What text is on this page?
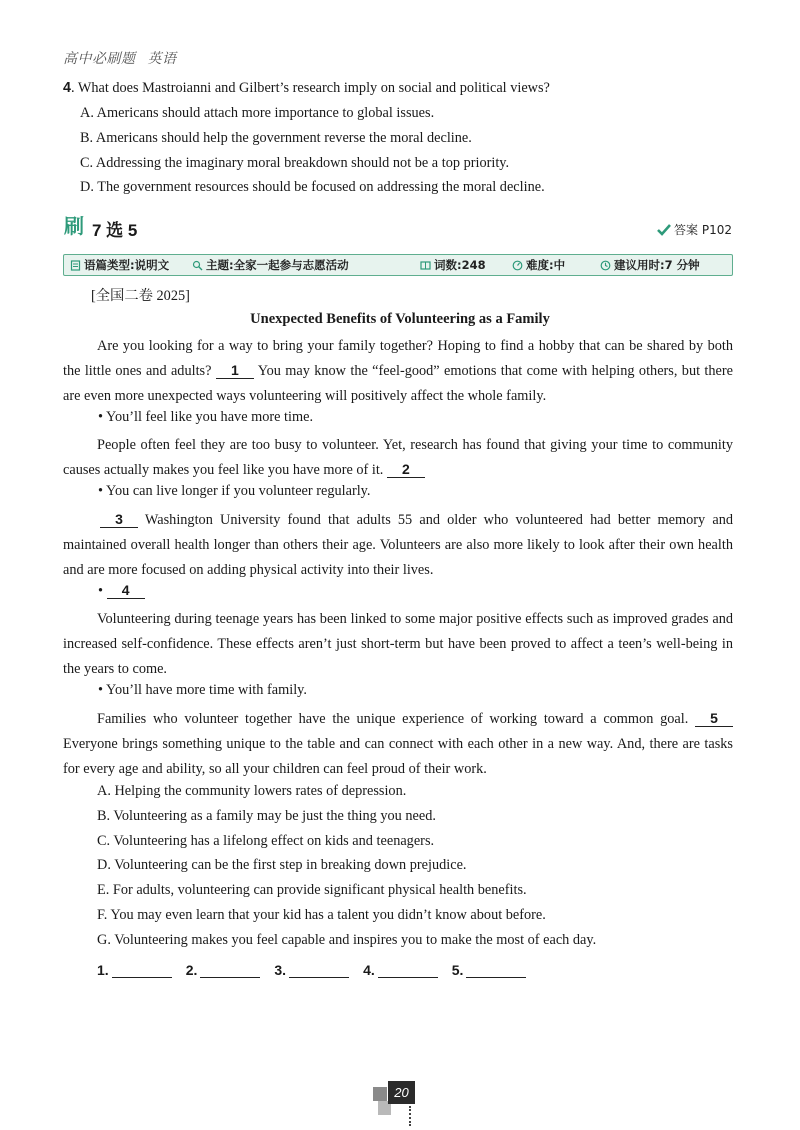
高中必刷题 英语
4. What does Mastroianni and Gilbert’s research imply on social and political views?
A. Americans should attach more importance to global issues.
B. Americans should help the government reverse the moral decline.
C. Addressing the imaginary moral breakdown should not be a top priority.
D. The government resources should be focused on addressing the moral decline.
刷 7 选 5	答案 P102
语篇类型:说明文	主题:全家一起参与志愿活动	词数:248	难度:中	建议用时:7 分钟
[全国二卷 2025]
Unexpected Benefits of Volunteering as a Family
Are you looking for a way to bring your family together? Hoping to find a hobby that can be shared by both the little ones and adults? 1 You may know the “feel-good” emotions that come with helping others, but there are even more unexpected ways volunteering will positively affect the whole family.
• You’ll feel like you have more time.
People often feel they are too busy to volunteer. Yet, research has found that giving your time to community causes actually makes you feel like you have more of it. 2
• You can live longer if you volunteer regularly.
3 Washington University found that adults 55 and older who volunteered had better memory and maintained overall health longer than others their age. Volunteers are also more likely to look after their own health and are more focused on adding physical activity into their lives.
• 4
Volunteering during teenage years has been linked to some major positive effects such as improved grades and increased self-confidence. These effects aren’t just short-term but have been proved to affect a teen’s well-being in the years to come.
• You’ll have more time with family.
Families who volunteer together have the unique experience of working toward a common goal. 5 Everyone brings something unique to the table and can connect with each other in a new way. And, there are tasks for every age and ability, so all your children can feel proud of their work.
A. Helping the community lowers rates of depression.
B. Volunteering as a family may be just the thing you need.
C. Volunteering has a lifelong effect on kids and teenagers.
D. Volunteering can be the first step in breaking down prejudice.
E. For adults, volunteering can provide significant physical health benefits.
F. You may even learn that your kid has a talent you didn’t know about before.
G. Volunteering makes you feel capable and inspires you to make the most of each day.
1.	2.	3.	4.	5.
20
